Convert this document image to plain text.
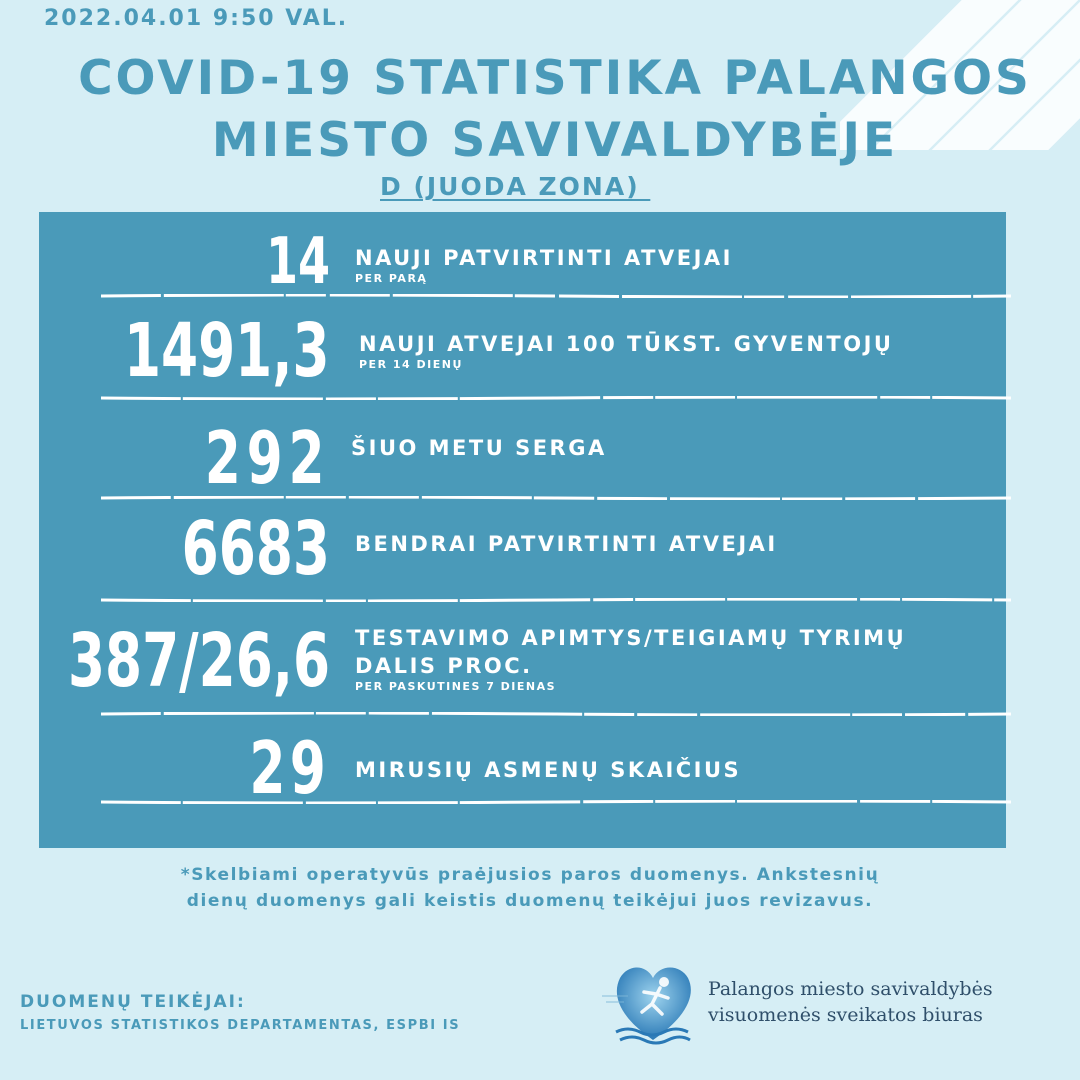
2022.04.01 9:50 VAL.
COVID-19 STATISTIKA PALANGOS
MIESTO SAVIVALDYBĖJE
D (JUODA ZONA)
14 NAUJI PATVIRTINTI ATVEJAI
PER PARĄ
1491,3 NAUJI ATVEJAI 100 TŪKST. GYVENTOJŲ
PER 14 DIENŲ
292 ŠIUO METU SERGA
6683 BENDRAI PATVIRTINTI ATVEJAI
387/26,6 TESTAVIMO APIMTYS/TEIGIAMŲ TYRIMŲ
DALIS PROC.
PER PASKUTINES 7 DIENAS
29 MIRUSIŲ ASMENŲ SKAIČIUS
*Skelbiami operatyvūs praėjusios paros duomenys. Ankstesnių
dienų duomenys gali keistis duomenų teikėjui juos revizavus.
DUOMENŲ TEIKĖJAI:
LIETUVOS STATISTIKOS DEPARTAMENTAS, ESPBI IS
Palangos miesto savivaldybės
visuomenės sveikatos biuras
